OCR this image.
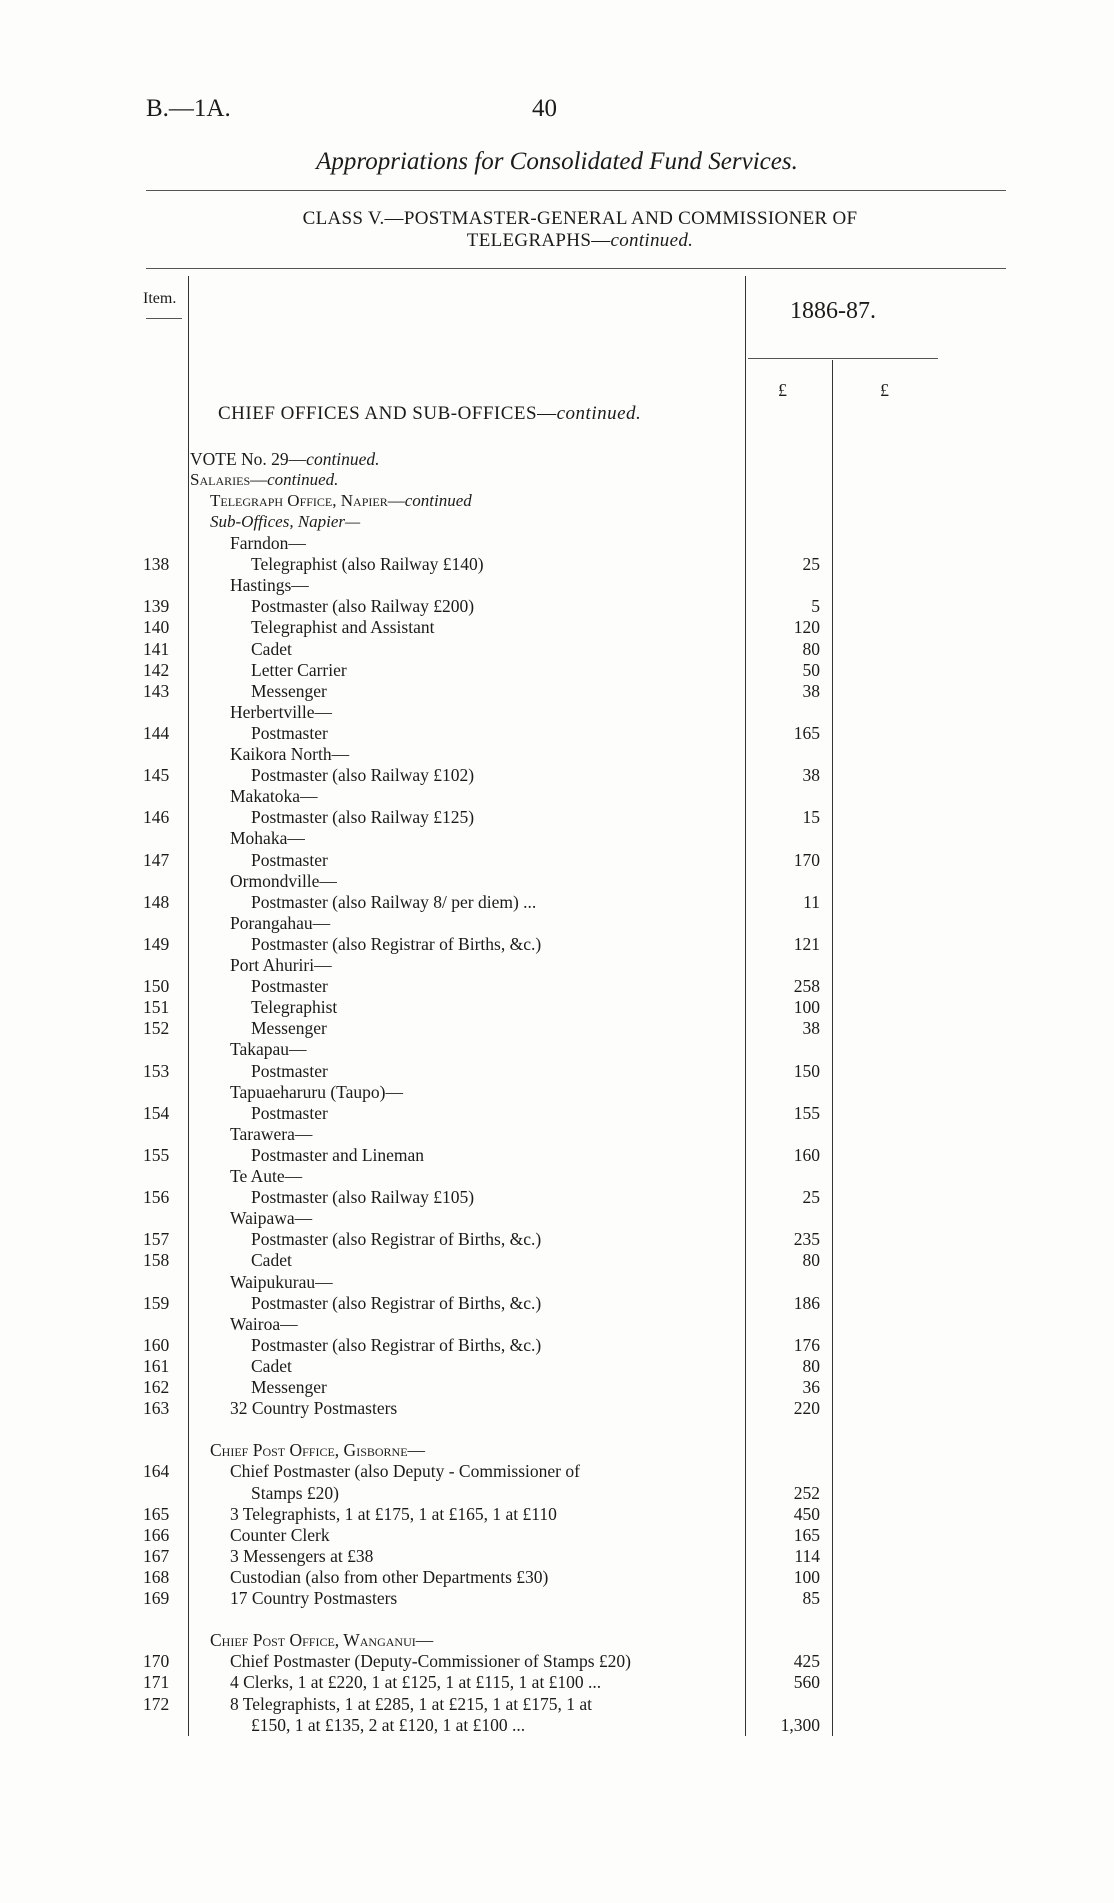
B.—1A.	40
Appropriations for Consolidated Fund Services.
CLASS V.—POSTMASTER-GENERAL AND COMMISSIONER OF
TELEGRAPHS—continued.
Item.	1886-87.
£	£
CHIEF OFFICES AND SUB-OFFICES—continued.
VOTE No. 29—continued.
Salaries—continued.
Telegraph Office, Napier—continued
Sub-Offices, Napier—
Farndon—
138	Telegraphist (also Railway £140)	25
Hastings—
139	Postmaster (also Railway £200)	5
140	Telegraphist and Assistant	120
141	Cadet	80
142	Letter Carrier	50
143	Messenger	38
Herbertville—
144	Postmaster	165
Kaikora North—
145	Postmaster (also Railway £102)	38
Makatoka—
146	Postmaster (also Railway £125)	15
Mohaka—
147	Postmaster	170
Ormondville—
148	Postmaster (also Railway 8/ per diem) ...	11
Porangahau—
149	Postmaster (also Registrar of Births, &c.)	121
Port Ahuriri—
150	Postmaster	258
151	Telegraphist	100
152	Messenger	38
Takapau—
153	Postmaster	150
Tapuaeharuru (Taupo)—
154	Postmaster	155
Tarawera—
155	Postmaster and Lineman	160
Te Aute—
156	Postmaster (also Railway £105)	25
Waipawa—
157	Postmaster (also Registrar of Births, &c.)	235
158	Cadet	80
Waipukurau—
159	Postmaster (also Registrar of Births, &c.)	186
Wairoa—
160	Postmaster (also Registrar of Births, &c.)	176
161	Cadet	80
162	Messenger	36
163	32 Country Postmasters	220
Chief Post Office, Gisborne—
164	Chief Postmaster (also Deputy - Commissioner of
Stamps £20)	252
165	3 Telegraphists, 1 at £175, 1 at £165, 1 at £110	450
166	Counter Clerk	165
167	3 Messengers at £38	114
168	Custodian (also from other Departments £30)	100
169	17 Country Postmasters	85
Chief Post Office, Wanganui—
170	Chief Postmaster (Deputy-Commissioner of Stamps £20)	425
171	4 Clerks, 1 at £220, 1 at £125, 1 at £115, 1 at £100 ...	560
172	8 Telegraphists, 1 at £285, 1 at £215, 1 at £175, 1 at
£150, 1 at £135, 2 at £120, 1 at £100 ...	1,300
